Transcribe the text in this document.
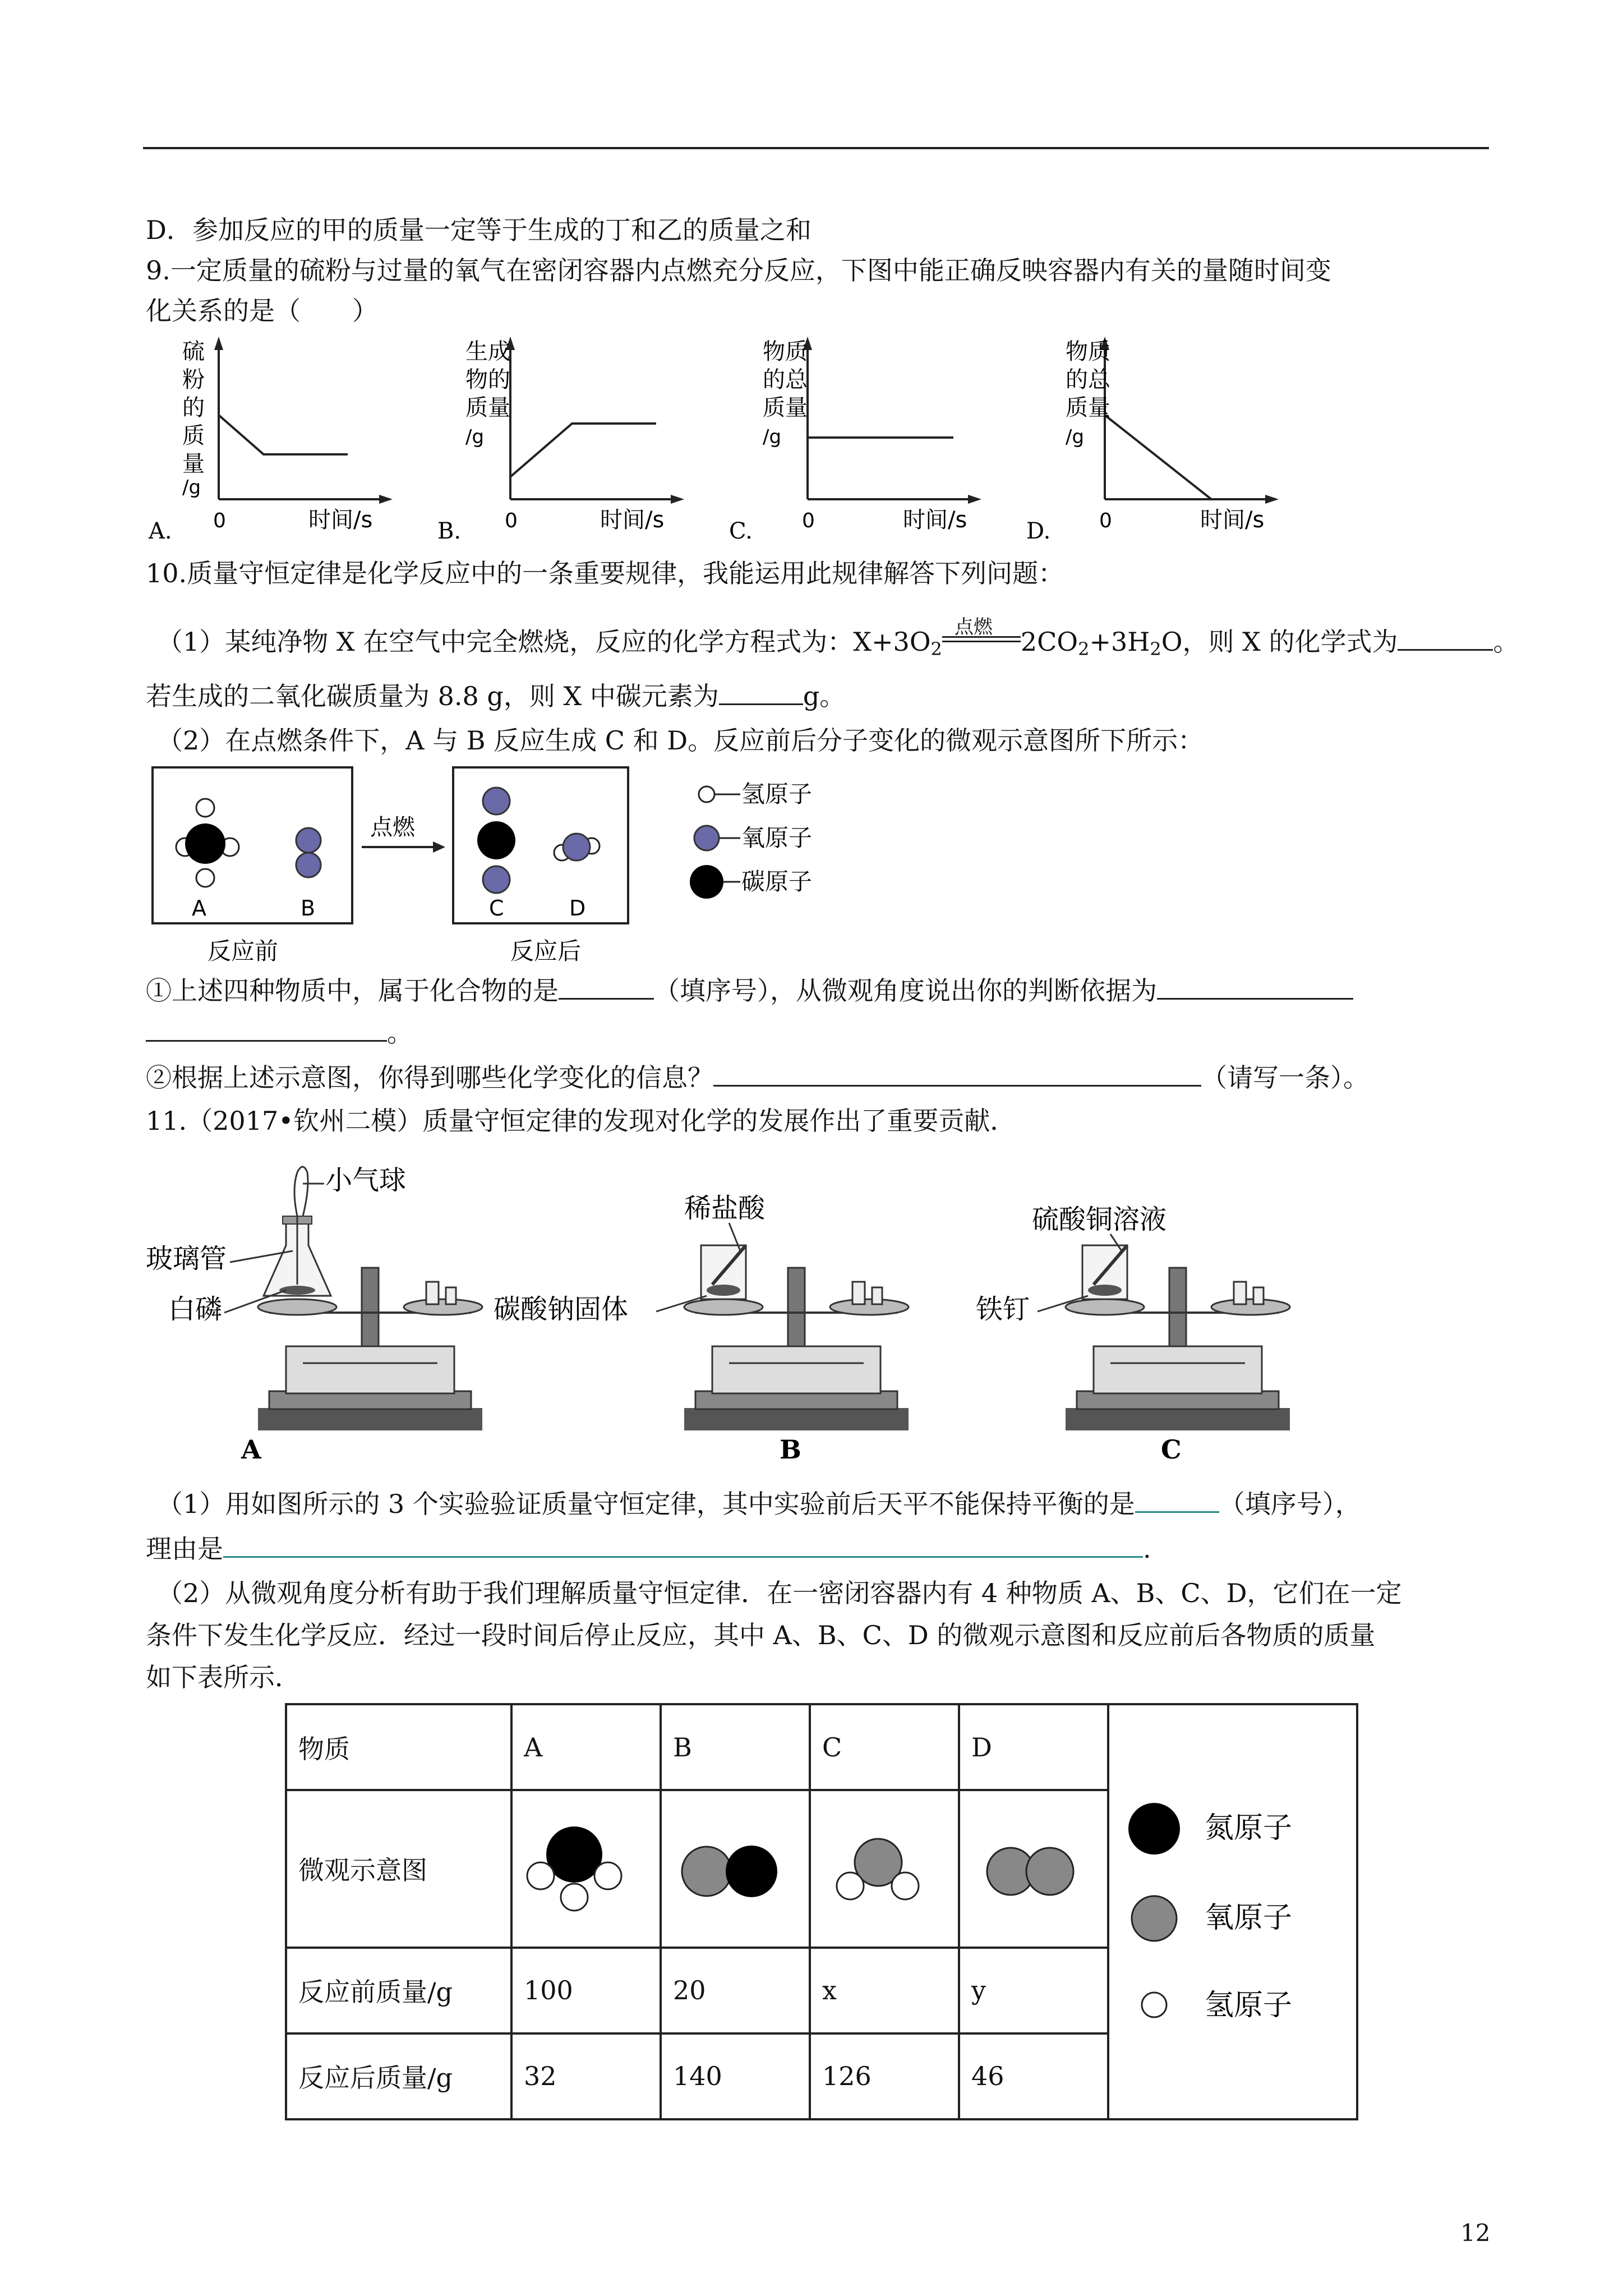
D．参加反应的甲的质量一定等于生成的丁和乙的质量之和
9.一定质量的硫粉与过量的氧气在密闭容器内点燃充分反应，下图中能正确反映容器内有关的量随时间变
化关系的是（　　）
硫
粉
的
质
量
/g
0	时间/s
A.
生成
物的
质量
/g
0	时间/s
B.
物质
的总
质量
/g
0	时间/s
C.
物质
的总
质量
/g
0	时间/s
D.
10.质量守恒定律是化学反应中的一条重要规律，我能运用此规律解答下列问题：
（1）某纯净物 X 在空气中完全燃烧，反应的化学方程式为：$X+3O_2$
点燃 $2CO_2+3H_2O$，则 X 的化学式为	。
若生成的二氧化碳质量为 8.8 g，则 X 中碳元素为	g。
（2）在点燃条件下，A 与 B 反应生成 C 和 D。反应前后分子变化的微观示意图所下所示：
A	B
点燃
C	D
反应前	反应后
氢原子
氧原子
碳原子
①上述四种物质中，属于化合物的是	（填序号），从微观角度说出你的判断依据为
。
②根据上述示意图，你得到哪些化学变化的信息？	（请写一条）。
11.（2017•钦州二模）质量守恒定律的发现对化学的发展作出了重要贡献．
A
小气球
玻璃管
白磷
B
稀盐酸
碳酸钠固体
C
硫酸铜溶液
铁钉
（1）用如图所示的 3 个实验验证质量守恒定律，其中实验前后天平不能保持平衡的是	（填序号），
理由是	.
（2）从微观角度分析有助于我们理解质量守恒定律．在一密闭容器内有 4 种物质 A、B、C、D，它们在一定
条件下发生化学反应．经过一段时间后停止反应，其中 A、B、C、D 的微观示意图和反应前后各物质的质量
如下表所示．
物质	A	B	C	D	氮原子
氧原子
氢原子

微观示意图				
反应前质量/g	100	20	x	y	
反应后质量/g	32	140	126	46	
12
